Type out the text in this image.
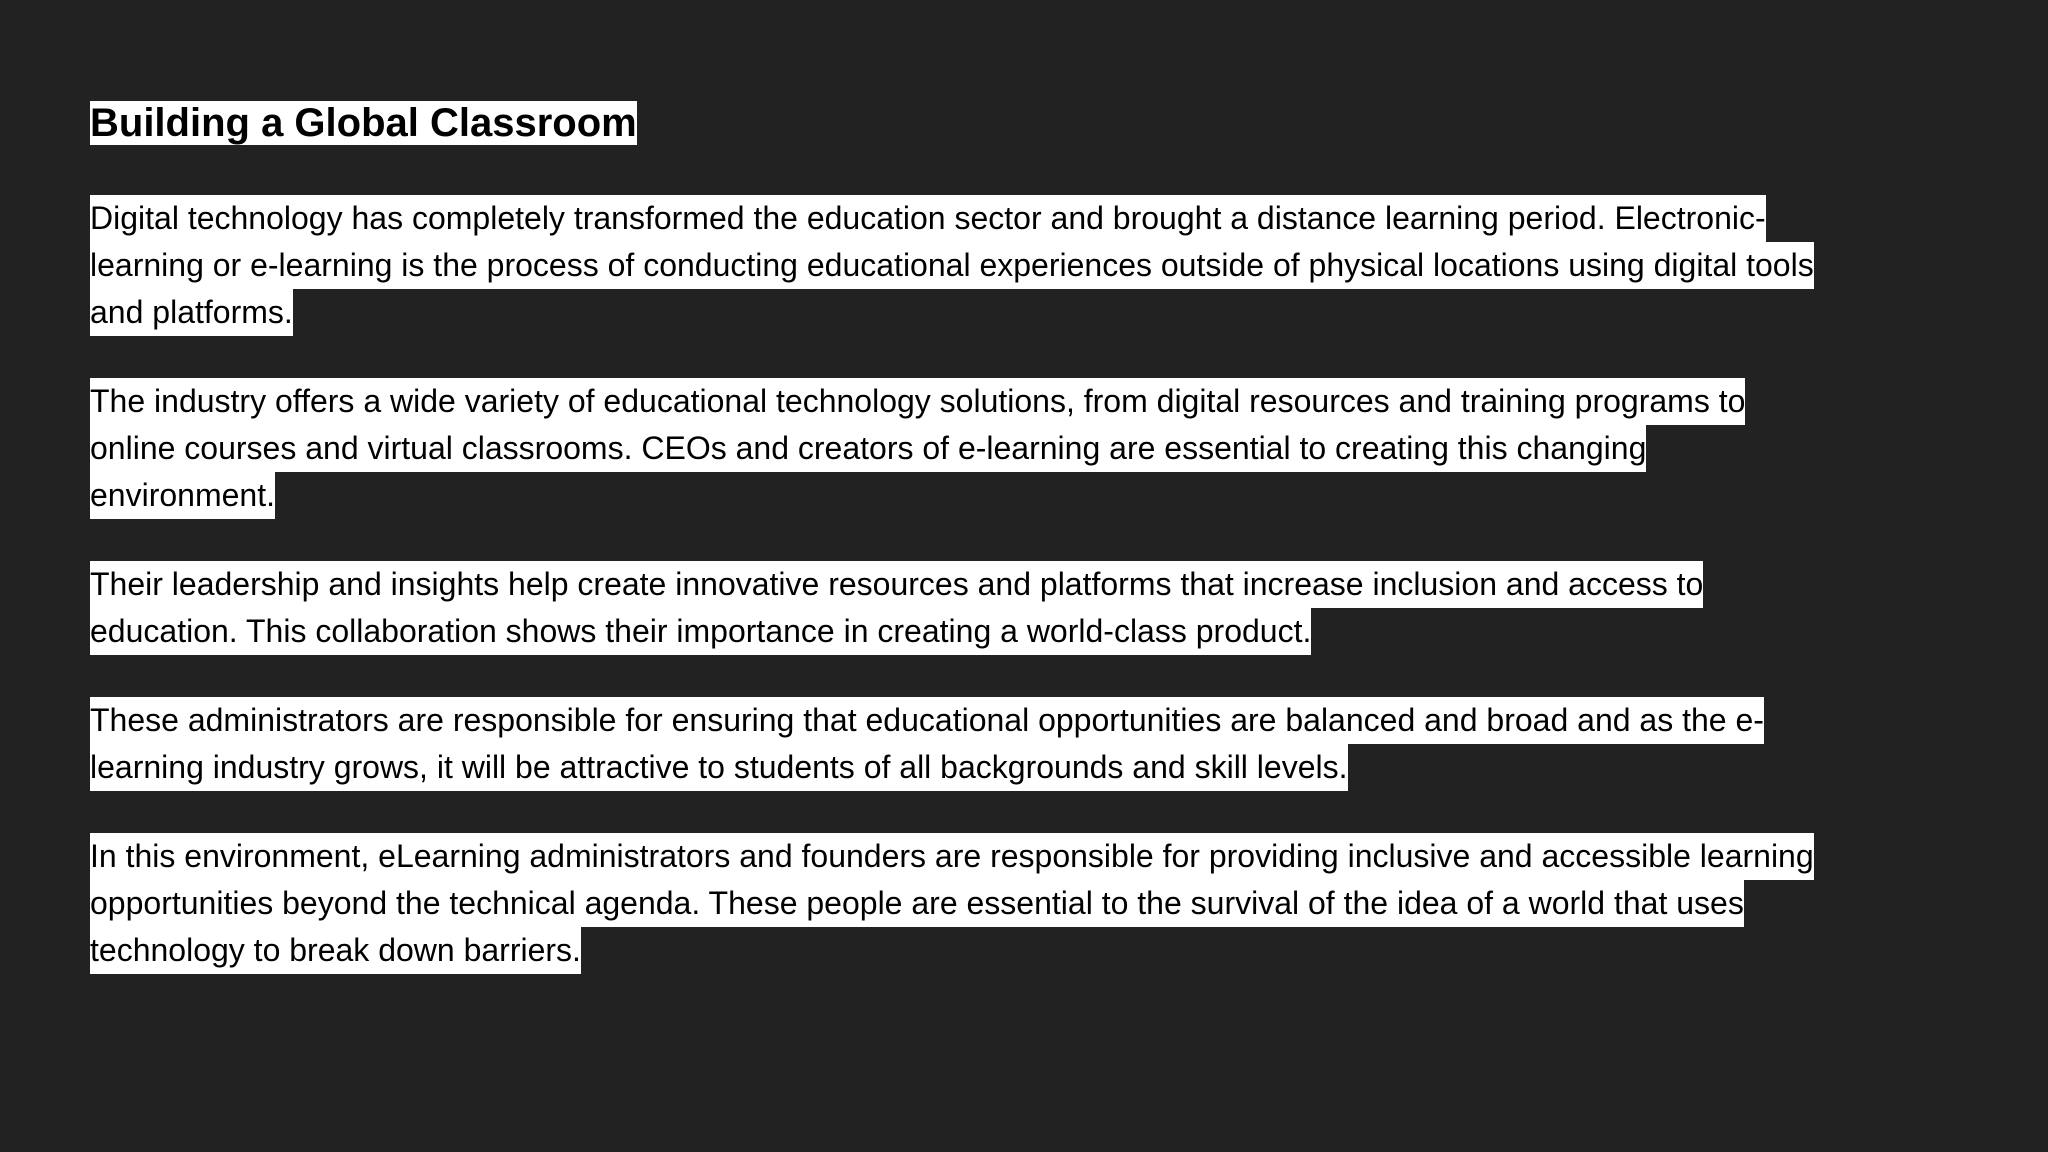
Building a Global Classroom

Digital technology has completely transformed the education sector and brought a distance learning period. Electronic-
learning or e-learning is the process of conducting educational experiences outside of physical locations using digital tools
and platforms.

The industry offers a wide variety of educational technology solutions, from digital resources and training programs to
online courses and virtual classrooms. CEOs and creators of e-learning are essential to creating this changing
environment.

Their leadership and insights help create innovative resources and platforms that increase inclusion and access to
education. This collaboration shows their importance in creating a world-class product.

These administrators are responsible for ensuring that educational opportunities are balanced and broad and as the e-
learning industry grows, it will be attractive to students of all backgrounds and skill levels.

In this environment, eLearning administrators and founders are responsible for providing inclusive and accessible learning
opportunities beyond the technical agenda. These people are essential to the survival of the idea of a world that uses
technology to break down barriers.
